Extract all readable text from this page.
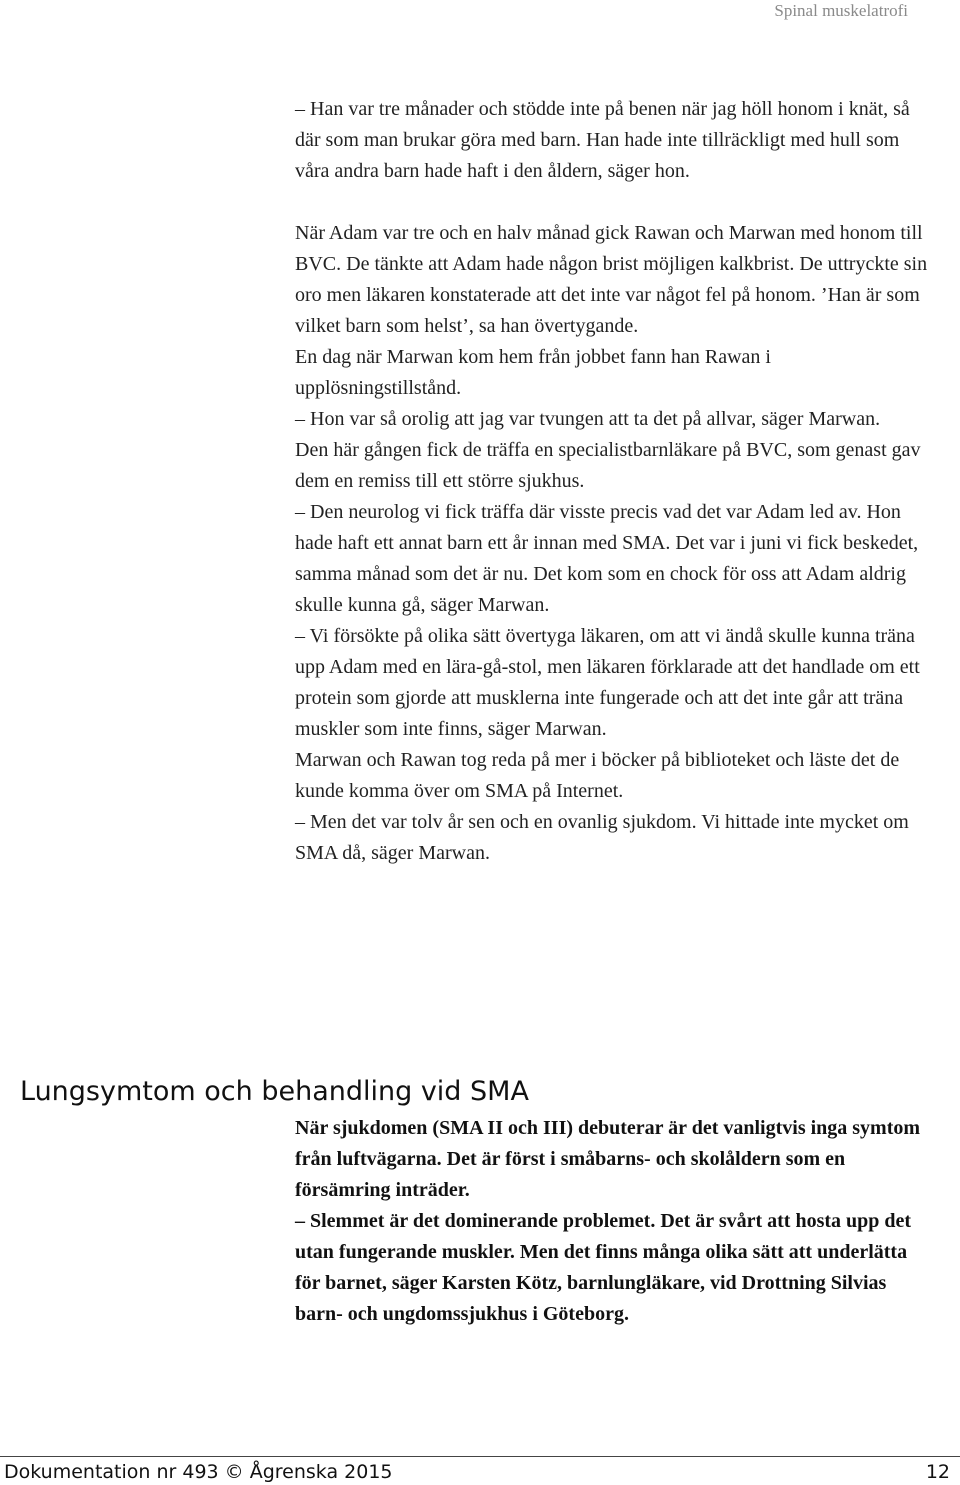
Spinal muskelatrofi

– Han var tre månader och stödde inte på benen när jag höll honom i knät, så där som man brukar göra med barn. Han hade inte tillräckligt med hull som våra andra barn hade haft i den åldern, säger hon.

När Adam var tre och en halv månad gick Rawan och Marwan med honom till BVC. De tänkte att Adam hade någon brist möjligen kalkbrist. De uttryckte sin oro men läkaren konstaterade att det inte var något fel på honom. ’Han är som vilket barn som helst’, sa han övertygande.

En dag när Marwan kom hem från jobbet fann han Rawan i upplösningstillstånd.

– Hon var så orolig att jag var tvungen att ta det på allvar, säger Marwan.

Den här gången fick de träffa en specialistbarnläkare på BVC, som genast gav dem en remiss till ett större sjukhus.

– Den neurolog vi fick träffa där visste precis vad det var Adam led av. Hon hade haft ett annat barn ett år innan med SMA. Det var i juni vi fick beskedet, samma månad som det är nu. Det kom som en chock för oss att Adam aldrig skulle kunna gå, säger Marwan.

– Vi försökte på olika sätt övertyga läkaren, om att vi ändå skulle kunna träna upp Adam med en lära-gå-stol, men läkaren förklarade att det handlade om ett protein som gjorde att musklerna inte fungerade och att det inte går att träna muskler som inte finns, säger Marwan.

Marwan och Rawan tog reda på mer i böcker på biblioteket och läste det de kunde komma över om SMA på Internet.

– Men det var tolv år sen och en ovanlig sjukdom. Vi hittade inte mycket om SMA då, säger Marwan.

Lungsymtom och behandling vid SMA

När sjukdomen (SMA II och III) debuterar är det vanligtvis inga symtom från luftvägarna. Det är först i småbarns- och skolåldern som en försämring inträder.

– Slemmet är det dominerande problemet. Det är svårt att hosta upp det utan fungerande muskler. Men det finns många olika sätt att underlätta för barnet, säger Karsten Kötz, barnlungläkare, vid Drottning Silvias barn- och ungdomssjukhus i Göteborg.

Dokumentation nr 493 © Ågrenska 2015	12
